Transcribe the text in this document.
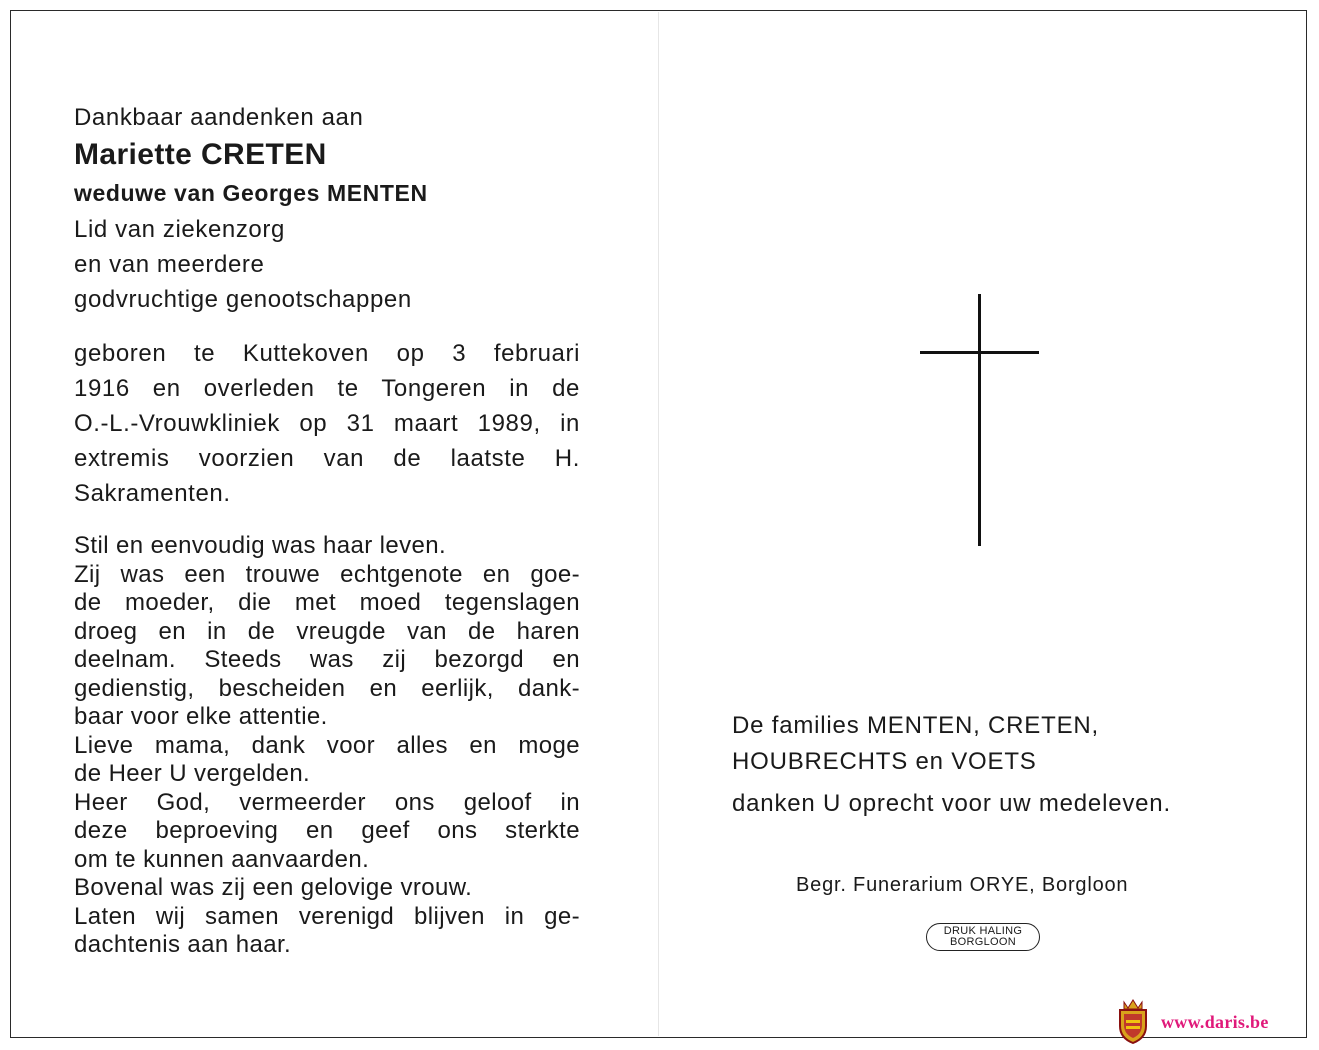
Dankbaar aandenken aan
Mariette CRETEN
weduwe van Georges MENTEN
Lid van ziekenzorg
en van meerdere
godvruchtige genootschappen
geboren te Kuttekoven op 3 februari
1916 en overleden te Tongeren in de
O.-L.-Vrouwkliniek op 31 maart 1989, in
extremis voorzien van de laatste H.
Sakramenten.
Stil en eenvoudig was haar leven.
Zij was een trouwe echtgenote en goe-
de moeder, die met moed tegenslagen
droeg en in de vreugde van de haren
deelnam. Steeds was zij bezorgd en
gedienstig, bescheiden en eerlijk, dank-
baar voor elke attentie.
Lieve mama, dank voor alles en moge
de Heer U vergelden.
Heer God, vermeerder ons geloof in
deze beproeving en geef ons sterkte
om te kunnen aanvaarden.
Bovenal was zij een gelovige vrouw.
Laten wij samen verenigd blijven in ge-
dachtenis aan haar.
De families MENTEN, CRETEN,
HOUBRECHTS en VOETS
danken U oprecht voor uw medeleven.
Begr. Funerarium ORYE, Borgloon
DRUK HALING
BORGLOON
www.daris.be
